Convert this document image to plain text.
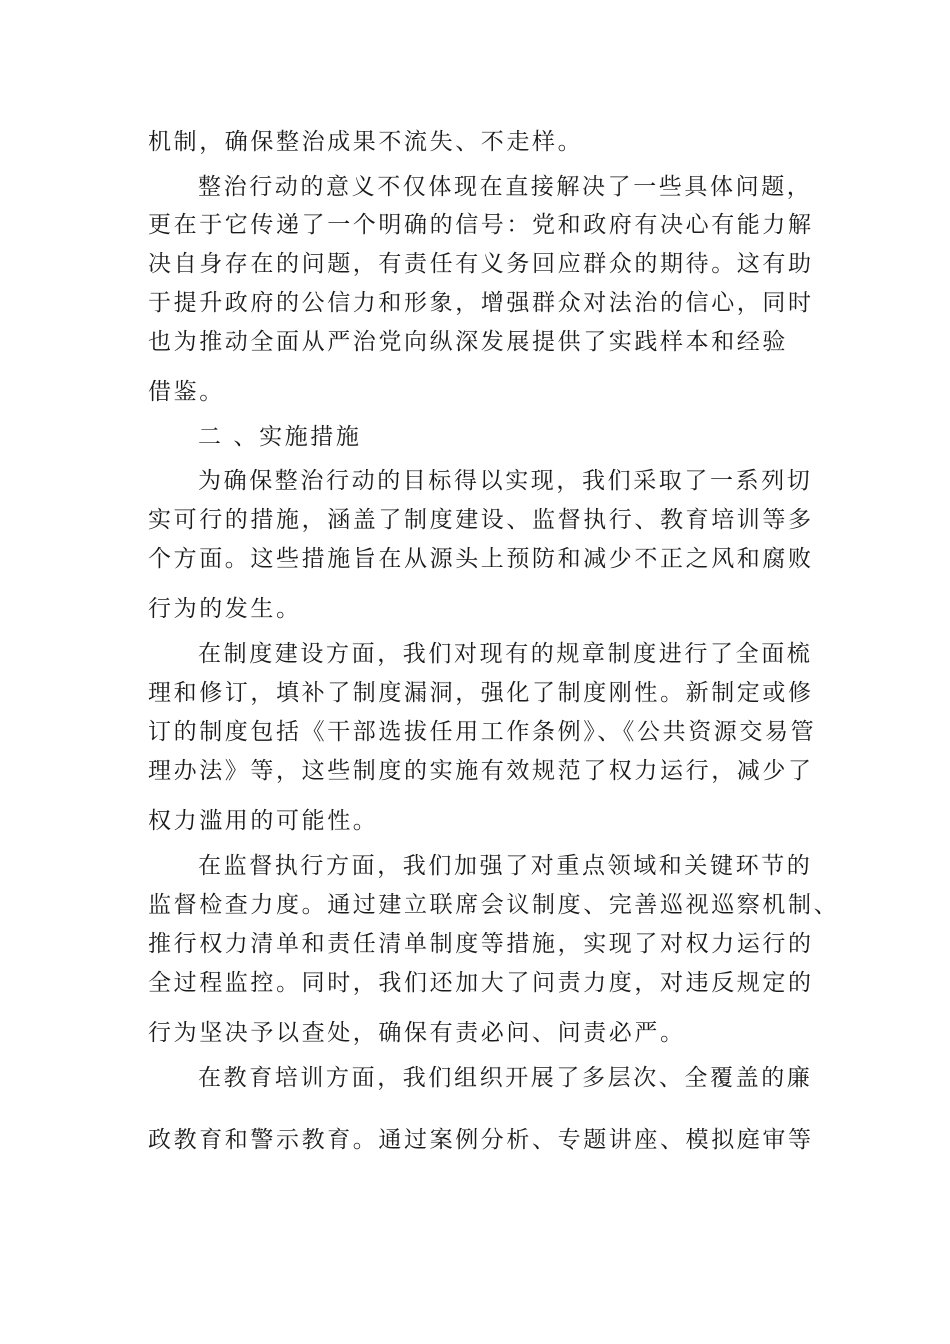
机制，确保整治成果不流失、不走样。
整治行动的意义不仅体现在直接解决了一些具体问题，
更在于它传递了一个明确的信号：党和政府有决心有能力解
决自身存在的问题，有责任有义务回应群众的期待。这有助
于提升政府的公信力和形象，增强群众对法治的信心，同时
也为推动全面从严治党向纵深发展提供了实践样本和经验
借鉴。
二 、实施措施
为确保整治行动的目标得以实现，我们采取了一系列切
实可行的措施，涵盖了制度建设、监督执行、教育培训等多
个方面。这些措施旨在从源头上预防和减少不正之风和腐败
行为的发生。
在制度建设方面，我们对现有的规章制度进行了全面梳
理和修订，填补了制度漏洞，强化了制度刚性。新制定或修
订的制度包括《干部选拔任用工作条例》、《公共资源交易管
理办法》等，这些制度的实施有效规范了权力运行，减少了
权力滥用的可能性。
在监督执行方面，我们加强了对重点领域和关键环节的
监督检查力度。通过建立联席会议制度、完善巡视巡察机制、
推行权力清单和责任清单制度等措施，实现了对权力运行的
全过程监控。同时，我们还加大了问责力度，对违反规定的
行为坚决予以查处，确保有责必问、问责必严。
在教育培训方面，我们组织开展了多层次、全覆盖的廉
政教育和警示教育。通过案例分析、专题讲座、模拟庭审等
